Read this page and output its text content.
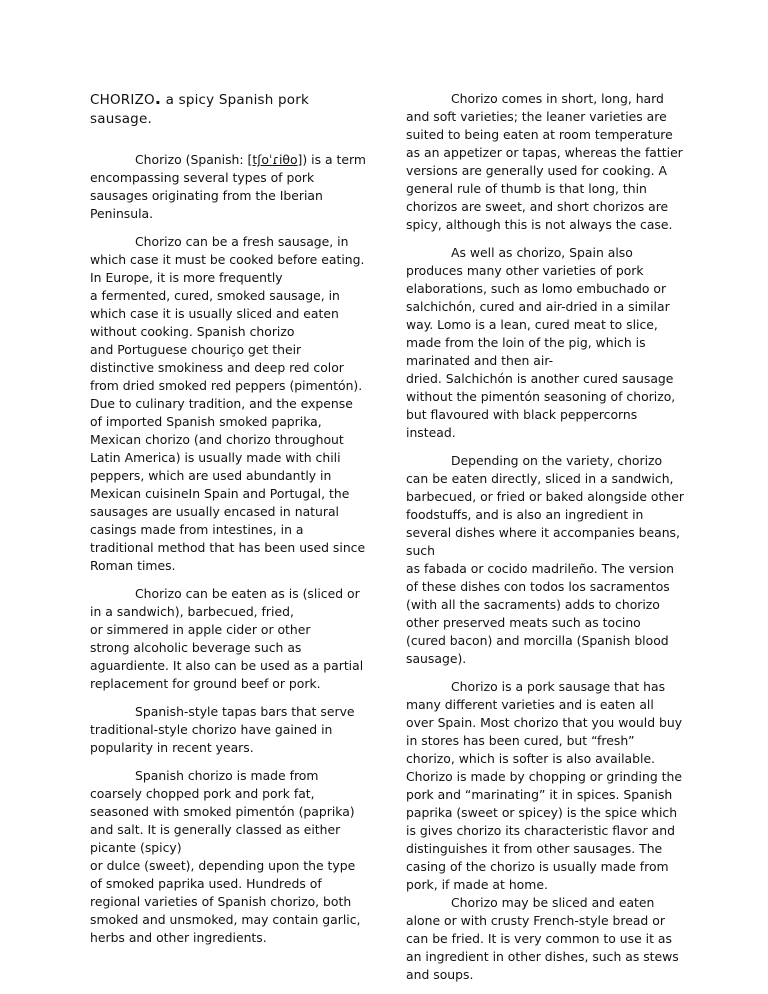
CHORIZO. a spicy Spanish pork sausage.

Chorizo (Spanish: [tʃoˈɾiθo]) is a term encompassing several types of pork sausages originating from the Iberian Peninsula.

Chorizo can be a fresh sausage, in which case it must be cooked before eating. In Europe, it is more frequently
a fermented, cured, smoked sausage, in which case it is usually sliced and eaten without cooking. Spanish chorizo
and Portuguese chouriço get their distinctive smokiness and deep red color from dried smoked red peppers (pimentón). Due to culinary tradition, and the expense of imported Spanish smoked paprika, Mexican chorizo (and chorizo throughout Latin America) is usually made with chili peppers, which are used abundantly in Mexican cuisineIn Spain and Portugal, the sausages are usually encased in natural casings made from intestines, in a traditional method that has been used since Roman times.

Chorizo can be eaten as is (sliced or in a sandwich), barbecued, fried,
or simmered in apple cider or other
strong alcoholic beverage such as aguardiente. It also can be used as a partial replacement for ground beef or pork.

Spanish-style tapas bars that serve traditional-style chorizo have gained in popularity in recent years.

Spanish chorizo is made from coarsely chopped pork and pork fat, seasoned with smoked pimentón (paprika) and salt. It is generally classed as either picante (spicy)
or dulce (sweet), depending upon the type of smoked paprika used. Hundreds of regional varieties of Spanish chorizo, both smoked and unsmoked, may contain garlic, herbs and other ingredients.

Chorizo comes in short, long, hard and soft varieties; the leaner varieties are suited to being eaten at room temperature as an appetizer or tapas, whereas the fattier versions are generally used for cooking. A general rule of thumb is that long, thin chorizos are sweet, and short chorizos are spicy, although this is not always the case.

As well as chorizo, Spain also produces many other varieties of pork elaborations, such as lomo embuchado or salchichón, cured and air-dried in a similar way. Lomo is a lean, cured meat to slice, made from the loin of the pig, which is marinated and then air-
dried. Salchichón is another cured sausage without the pimentón seasoning of chorizo, but flavoured with black peppercorns instead.

Depending on the variety, chorizo can be eaten directly, sliced in a sandwich, barbecued, or fried or baked alongside other foodstuffs, and is also an ingredient in several dishes where it accompanies beans, such
as fabada or cocido madrileño. The version of these dishes con todos los sacramentos (with all the sacraments) adds to chorizo other preserved meats such as tocino (cured bacon) and morcilla (Spanish blood sausage).

Chorizo is a pork sausage that has many different varieties and is eaten all over Spain. Most chorizo that you would buy in stores has been cured, but “fresh” chorizo, which is softer is also available. Chorizo is made by chopping or grinding the pork and “marinating” it in spices. Spanish paprika (sweet or spicey) is the spice which is gives chorizo its characteristic flavor and distinguishes it from other sausages. The casing of the chorizo is usually made from pork, if made at home.

Chorizo may be sliced and eaten alone or with crusty French-style bread or can be fried. It is very common to use it as an ingredient in other dishes, such as stews and soups.
